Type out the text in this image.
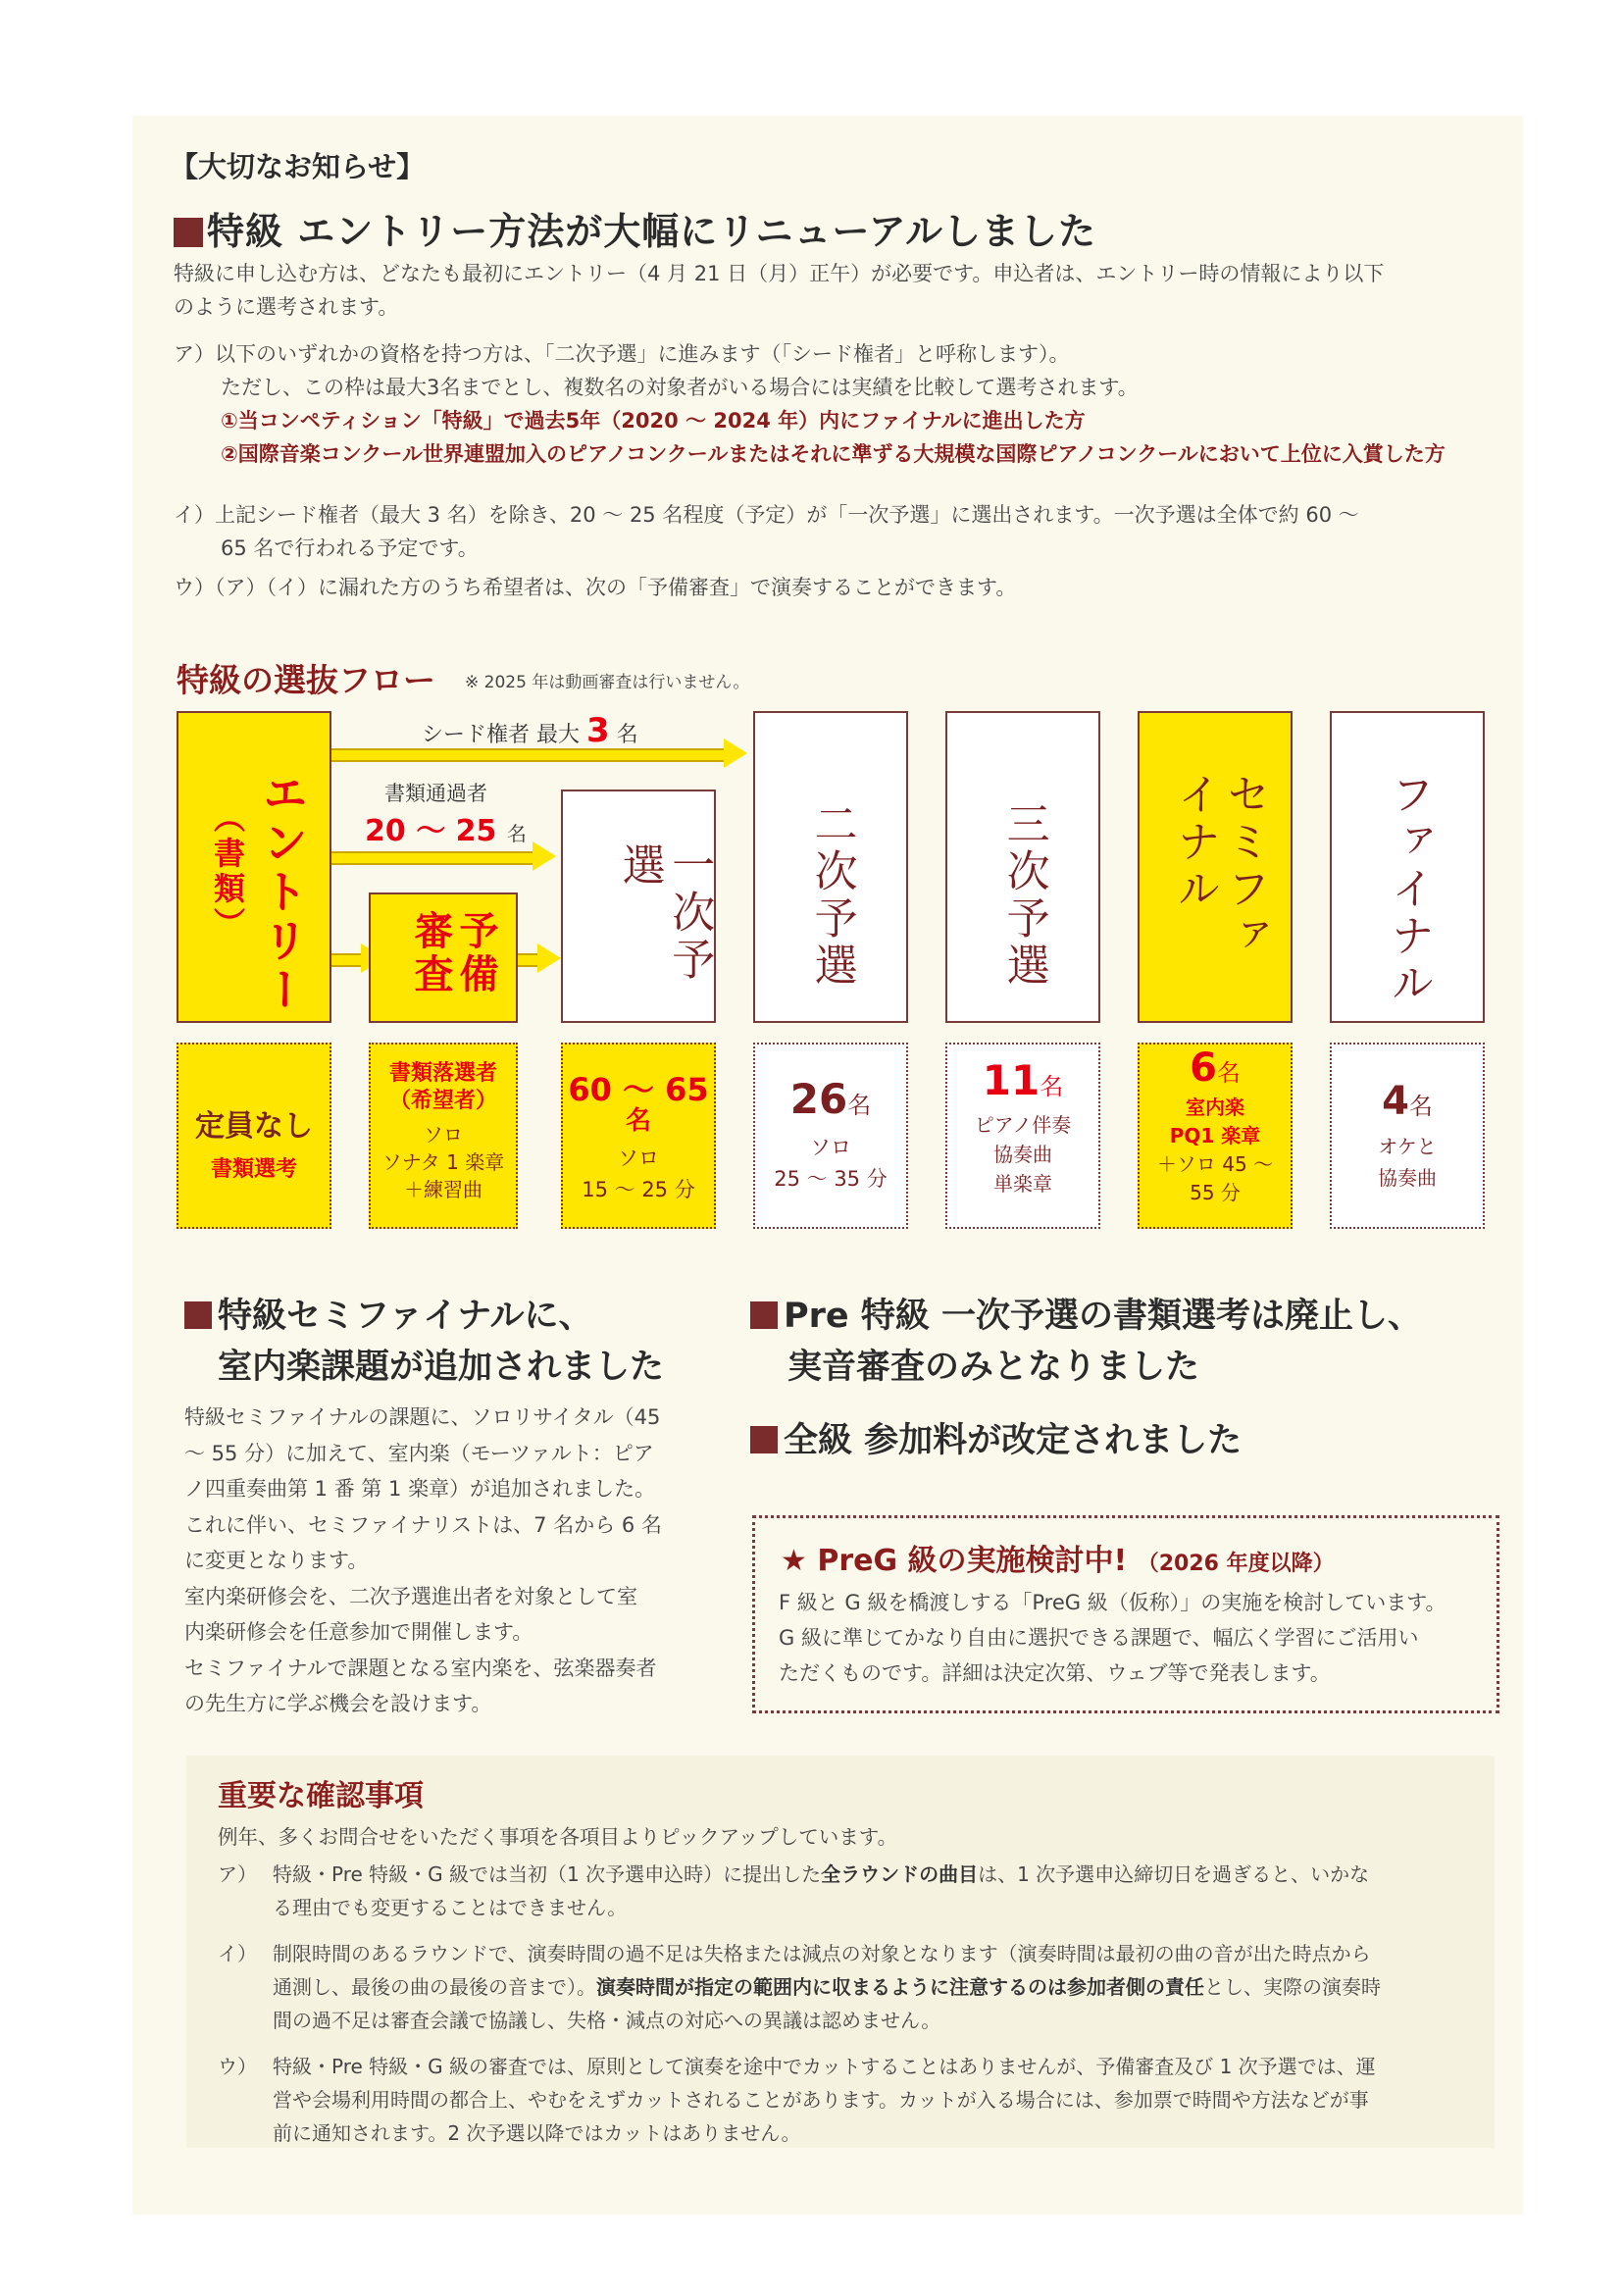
【大切なお知らせ】
特級 エントリー方法が大幅にリニューアルしました
特級に申し込む方は、どなたも最初にエントリー（4 月 21 日（月）正午）が必要です。申込者は、エントリー時の情報により以下
のように選考されます。
ア）以下のいずれかの資格を持つ方は、「二次予選」に進みます（「シード権者」と呼称します）。
ただし、この枠は最大3名までとし、複数名の対象者がいる場合には実績を比較して選考されます。
①当コンペティション「特級」で過去5年（2020 ～ 2024 年）内にファイナルに進出した方
②国際音楽コンクール世界連盟加入のピアノコンクールまたはそれに準ずる大規模な国際ピアノコンクールにおいて上位に入賞した方
イ）上記シード権者（最大 3 名）を除き、20 ～ 25 名程度（予定）が「一次予選」に選出されます。一次予選は全体で約 60 ～
65 名で行われる予定です。
ウ）（ア）（イ）に漏れた方のうち希望者は、次の「予備審査」で演奏することができます。
特級の選抜フロー ※ 2025 年は動画審査は行いません。
エントリー
（書類）
シード権者 最大 3 名
書類通過者
20 ～ 25 名
予備審査	一次予選	二次予選	三次予選	セミファイナル	ファイナル
定員なし
書類選考
書類落選者
（希望者）
ソロ
ソナタ 1 楽章
＋練習曲
60 ～ 65
名
ソロ
15 ～ 25 分
26名
ソロ
25 ～ 35 分
11名
ピアノ伴奏
協奏曲
単楽章
6名
室内楽
PQ1 楽章
＋ソロ 45 ～
55 分
4名
オケと
協奏曲
特級セミファイナルに、
室内楽課題が追加されました
特級セミファイナルの課題に、ソロリサイタル（45
～ 55 分）に加えて、室内楽（モーツァルト：ピア
ノ四重奏曲第 1 番 第 1 楽章）が追加されました。
これに伴い、セミファイナリストは、7 名から 6 名
に変更となります。
室内楽研修会を、二次予選進出者を対象として室
内楽研修会を任意参加で開催します。
セミファイナルで課題となる室内楽を、弦楽器奏者
の先生方に学ぶ機会を設けます。
Pre 特級 一次予選の書類選考は廃止し、
実音審査のみとなりました
全級 参加料が改定されました
★ PreG 級の実施検討中! （2026 年度以降）
F 級と G 級を橋渡しする「PreG 級（仮称）」の実施を検討しています。
G 級に準じてかなり自由に選択できる課題で、幅広く学習にご活用い
ただくものです。詳細は決定次第、ウェブ等で発表します。
重要な確認事項
例年、多くお問合せをいただく事項を各項目よりピックアップしています。
ア） 特級・Pre 特級・G 級では当初（1 次予選申込時）に提出した全ラウンドの曲目は、1 次予選申込締切日を過ぎると、いかな
る理由でも変更することはできません。
イ） 制限時間のあるラウンドで、演奏時間の過不足は失格または減点の対象となります（演奏時間は最初の曲の音が出た時点から
通測し、最後の曲の最後の音まで）。演奏時間が指定の範囲内に収まるように注意するのは参加者側の責任とし、実際の演奏時
間の過不足は審査会議で協議し、失格・減点の対応への異議は認めません。
ウ） 特級・Pre 特級・G 級の審査では、原則として演奏を途中でカットすることはありませんが、予備審査及び 1 次予選では、運
営や会場利用時間の都合上、やむをえずカットされることがあります。カットが入る場合には、参加票で時間や方法などが事
前に通知されます。2 次予選以降ではカットはありません。
